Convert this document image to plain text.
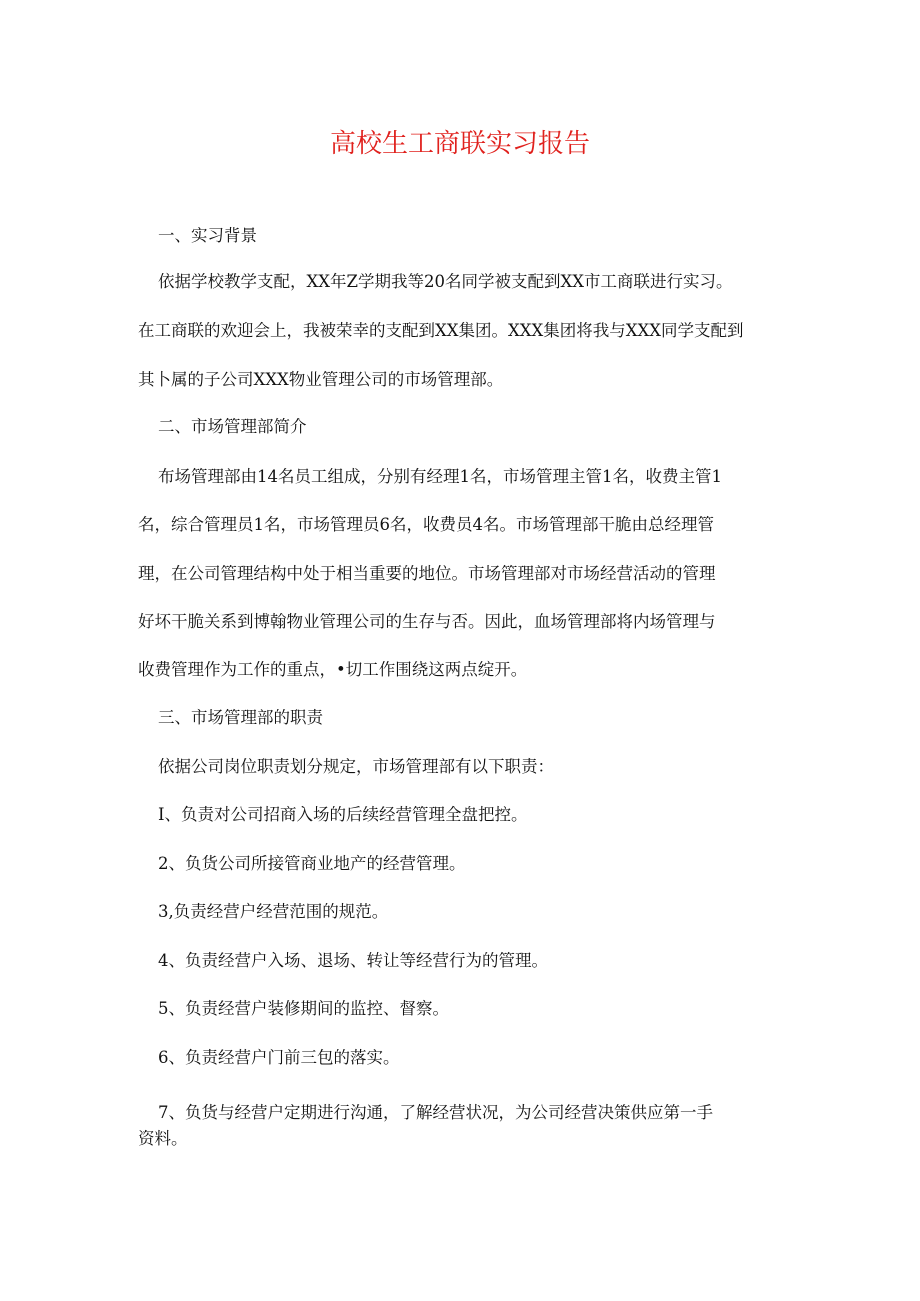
高校生工商联实习报告

一、实习背景

依据学校教学支配，XX年Z学期我等20名同学被支配到XX市工商联进行实习。

在工商联的欢迎会上，我被荣幸的支配到XX集团。XXX集团将我与XXX同学支配到

其卜属的子公司XXX物业管理公司的市场管理部。

二、市场管理部简介

布场管理部由14名员工组成，分别有经理1名，市场管理主管1名，收费主管1

名，综合管理员1名，市场管理员6名，收费员4名。市场管理部干脆由总经理管

理，在公司管理结构中处于相当重要的地位。市场管理部对市场经营活动的管理

好坏干脆关系到博翰物业管理公司的生存与否。因此，血场管理部将内场管理与

收费管理作为工作的重点，•切工作围绕这两点绽开。

三、市场管理部的职责

依据公司岗位职责划分规定，市场管理部有以下职责：

I、负责对公司招商入场的后续经营管理全盘把控。

2、负货公司所接管商业地产的经营管理。

3,负责经营户经营范围的规范。

4、负责经营户入场、退场、转让等经营行为的管理。

5、负责经营户装修期间的监控、督察。

6、负责经营户门前三包的落实。

7、负货与经营户定期进行沟通，了解经营状况，为公司经营决策供应第一手

资料。
